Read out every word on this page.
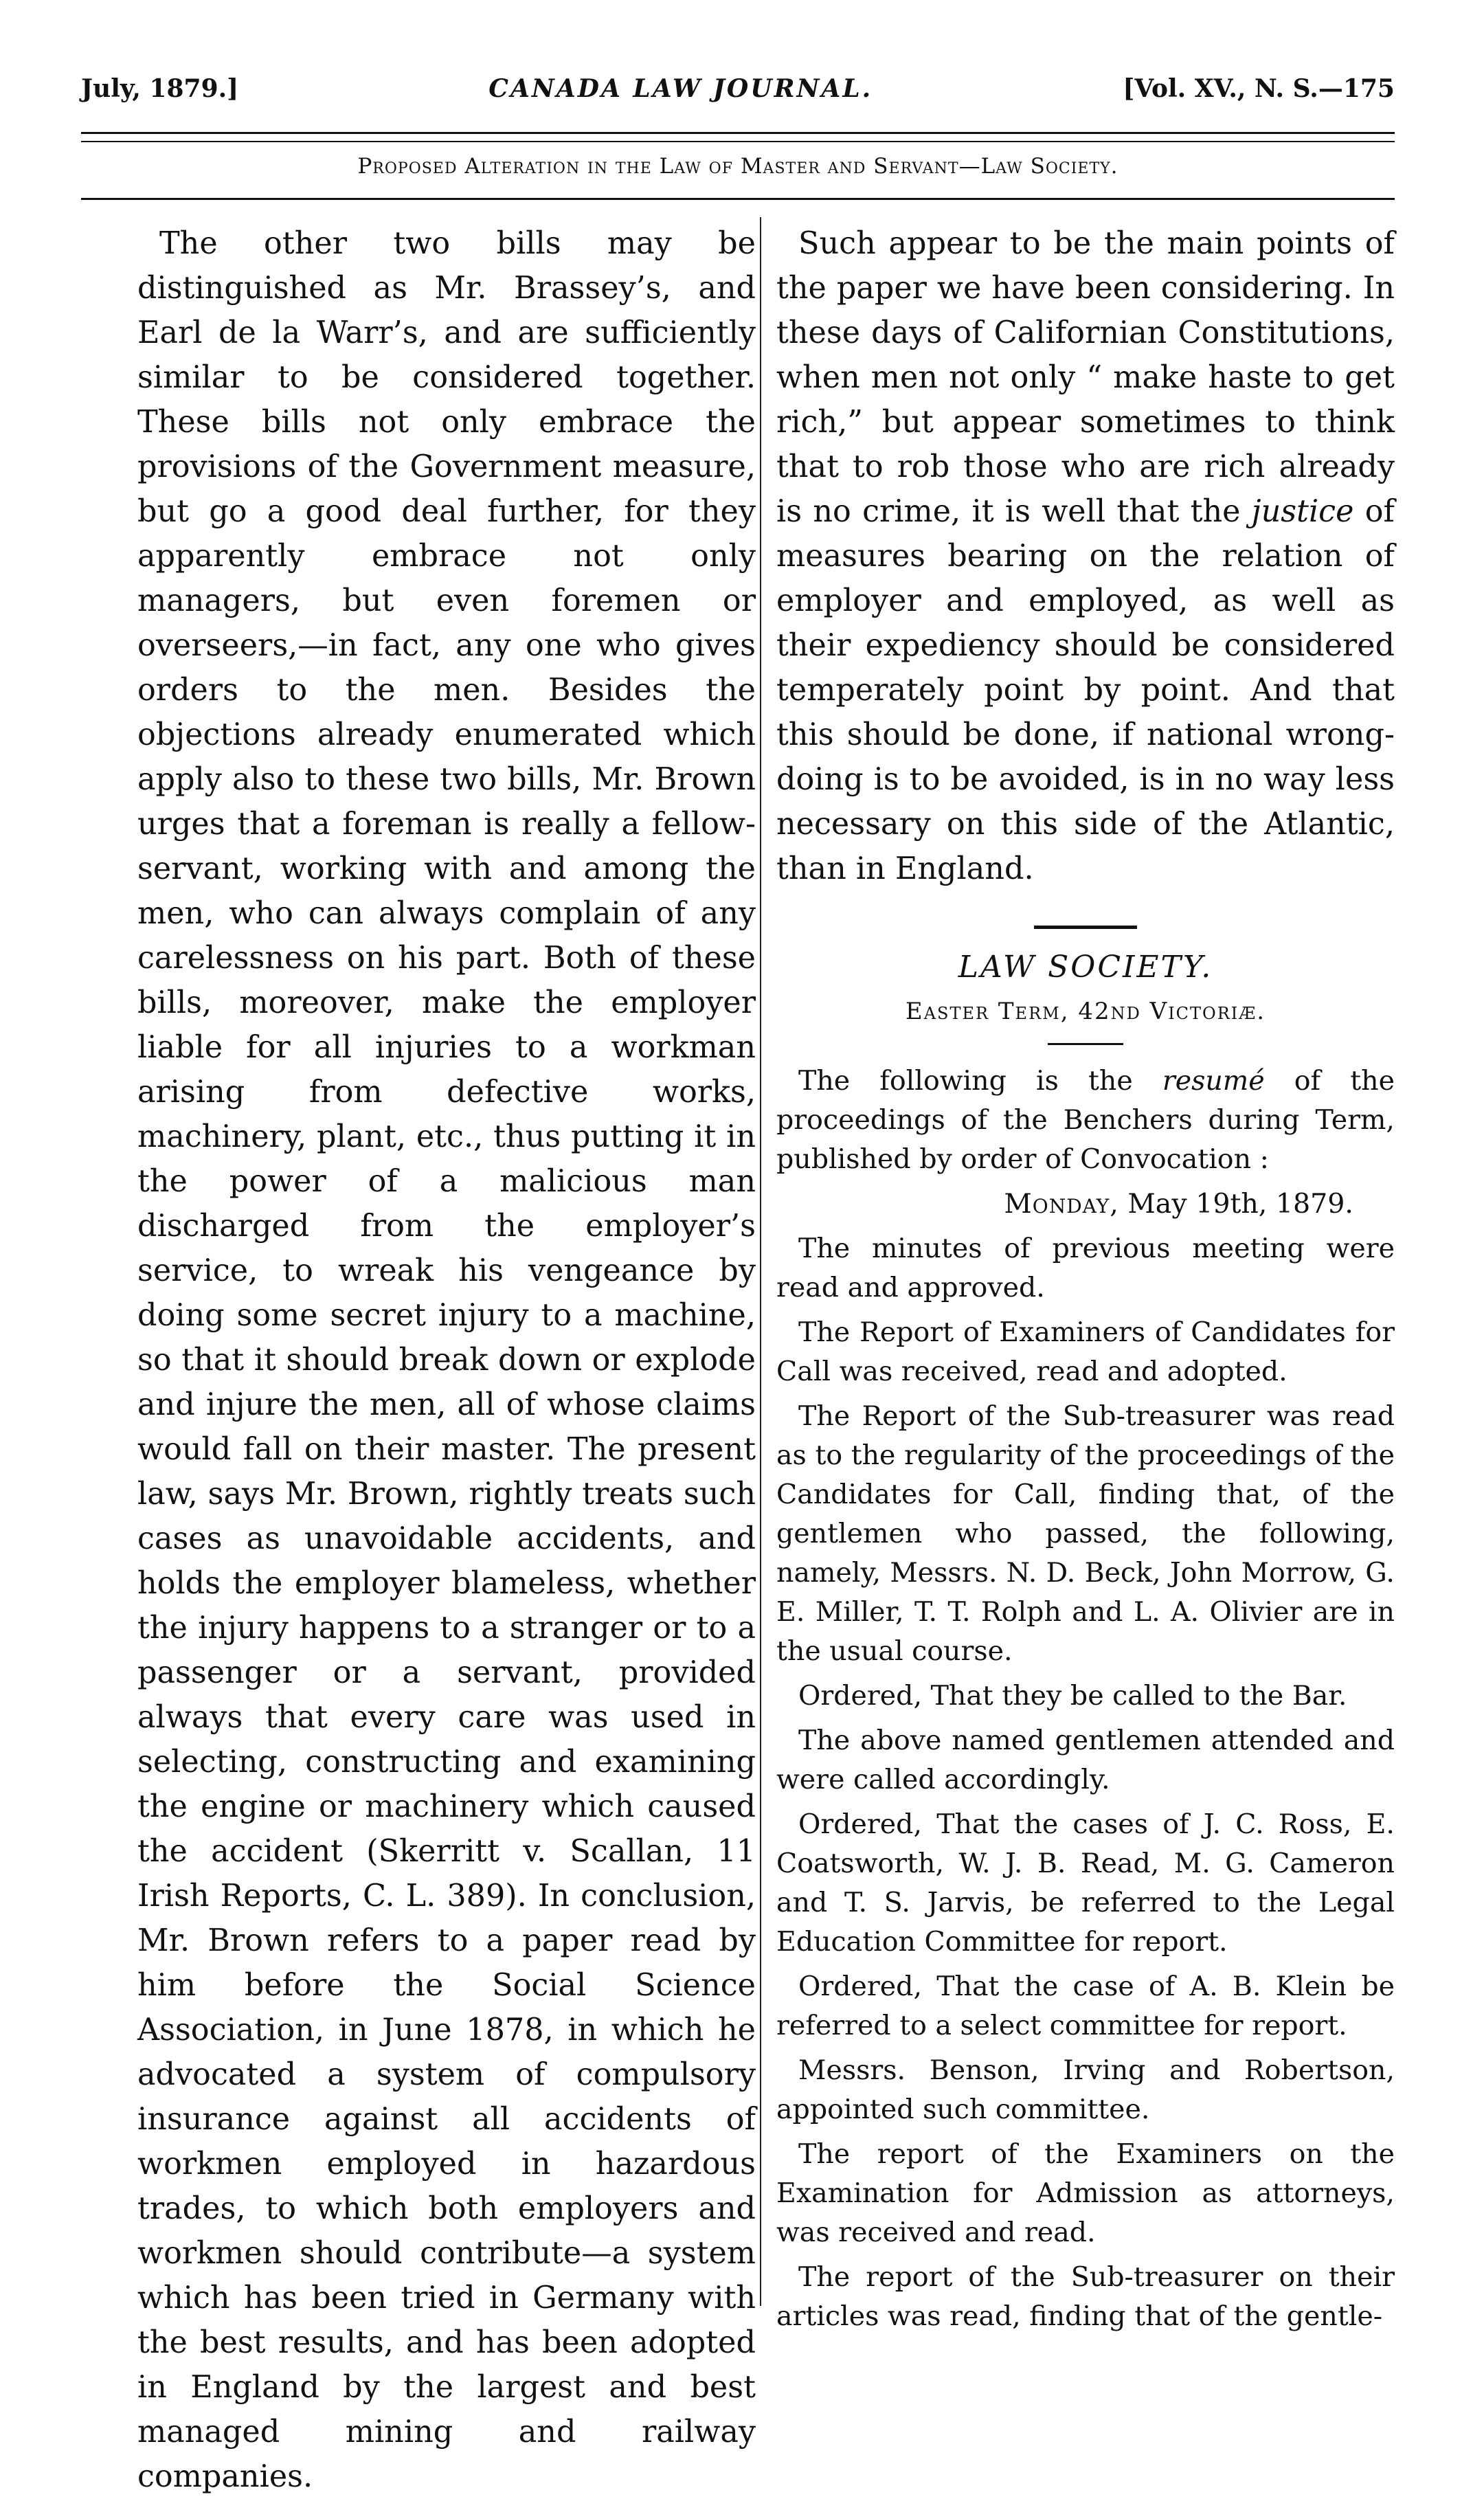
July, 1879.]	CANADA LAW JOURNAL.	[Vol. XV., N. S.—175
Proposed Alteration in the Law of Master and Servant—Law Society.

The other two bills may be distinguished as Mr. Brassey’s, and Earl de la Warr’s, and are sufficiently similar to be considered together. These bills not only embrace the provisions of the Government measure, but go a good deal further, for they apparently embrace not only managers, but even foremen or overseers,—in fact, any one who gives orders to the men. Besides the objections already enumerated which apply also to these two bills, Mr. Brown urges that a foreman is really a fellow-servant, working with and among the men, who can always complain of any carelessness on his part. Both of these bills, moreover, make the employer liable for all injuries to a workman arising from defective works, machinery, plant, etc., thus putting it in the power of a malicious man discharged from the employer’s service, to wreak his vengeance by doing some secret injury to a machine, so that it should break down or explode and injure the men, all of whose claims would fall on their master. The present law, says Mr. Brown, rightly treats such cases as unavoidable accidents, and holds the employer blameless, whether the injury happens to a stranger or to a passenger or a servant, provided always that every care was used in selecting, constructing and examining the engine or machinery which caused the accident (Skerritt v. Scallan, 11 Irish Reports, C. L. 389). In conclusion, Mr. Brown refers to a paper read by him before the Social Science Association, in June 1878, in which he advocated a system of compulsory insurance against all accidents of workmen employed in hazardous trades, to which both employers and workmen should contribute—a system which has been tried in Germany with the best results, and has been adopted in England by the largest and best managed mining and railway companies.

Such appear to be the main points of the paper we have been considering. In these days of Californian Constitutions, when men not only “ make haste to get rich,” but appear sometimes to think that to rob those who are rich already is no crime, it is well that the justice of measures bearing on the relation of employer and employed, as well as their expediency should be considered temperately point by point. And that this should be done, if national wrong-doing is to be avoided, is in no way less necessary on this side of the Atlantic, than in England.

LAW SOCIETY.
Easter Term, 42nd Victoriæ.

The following is the resumé of the proceedings of the Benchers during Term, published by order of Convocation :

Monday, May 19th, 1879.

The minutes of previous meeting were read and approved.

The Report of Examiners of Candidates for Call was received, read and adopted.

The Report of the Sub-treasurer was read as to the regularity of the proceedings of the Candidates for Call, finding that, of the gentlemen who passed, the following, namely, Messrs. N. D. Beck, John Morrow, G. E. Miller, T. T. Rolph and L. A. Olivier are in the usual course.

Ordered, That they be called to the Bar.

The above named gentlemen attended and were called accordingly.

Ordered, That the cases of J. C. Ross, E. Coatsworth, W. J. B. Read, M. G. Cameron and T. S. Jarvis, be referred to the Legal Education Committee for report.

Ordered, That the case of A. B. Klein be referred to a select committee for report.

Messrs. Benson, Irving and Robertson, appointed such committee.

The report of the Examiners on the Examination for Admission as attorneys, was received and read.

The report of the Sub-treasurer on their articles was read, finding that of the gentle-
